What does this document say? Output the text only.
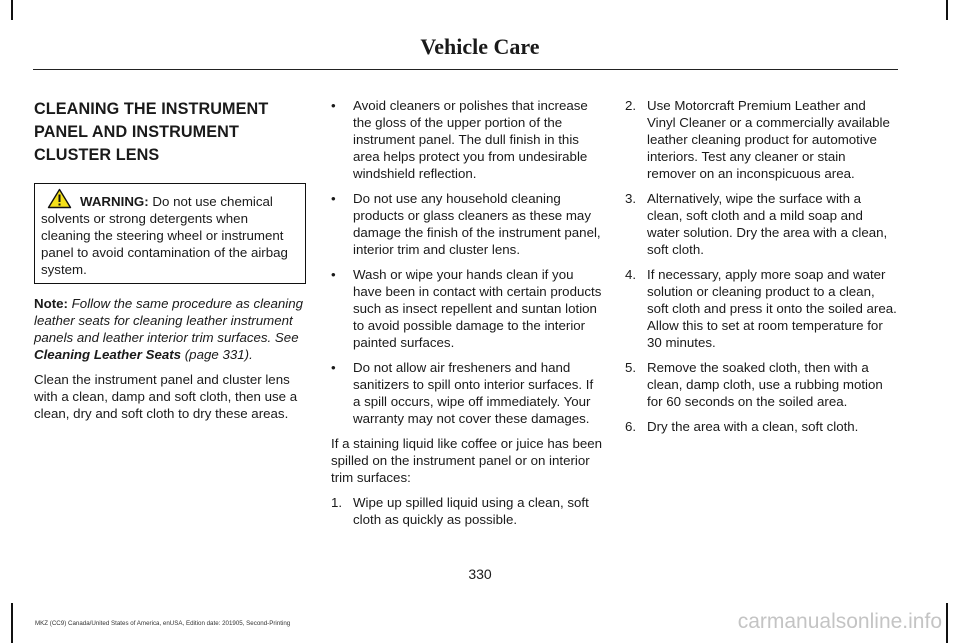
Vehicle Care
CLEANING THE INSTRUMENT
PANEL AND INSTRUMENT
CLUSTER LENS
WARNING: Do not use chemical solvents or strong detergents when cleaning the steering wheel or instrument panel to avoid contamination of the airbag system.

Note: Follow the same procedure as cleaning leather seats for cleaning leather instrument panels and leather interior trim surfaces. See Cleaning Leather Seats (page 331).

Clean the instrument panel and cluster lens with a clean, damp and soft cloth, then use a clean, dry and soft cloth to dry these areas.

• Avoid cleaners or polishes that increase the gloss of the upper portion of the instrument panel. The dull finish in this area helps protect you from undesirable windshield reflection.
• Do not use any household cleaning products or glass cleaners as these may damage the finish of the instrument panel, interior trim and cluster lens.
• Wash or wipe your hands clean if you have been in contact with certain products such as insect repellent and suntan lotion to avoid possible damage to the interior painted surfaces.
• Do not allow air fresheners and hand sanitizers to spill onto interior surfaces. If a spill occurs, wipe off immediately. Your warranty may not cover these damages.

If a staining liquid like coffee or juice has been spilled on the instrument panel or on interior trim surfaces:

1. Wipe up spilled liquid using a clean, soft cloth as quickly as possible.
2. Use Motorcraft Premium Leather and Vinyl Cleaner or a commercially available leather cleaning product for automotive interiors. Test any cleaner or stain remover on an inconspicuous area.
3. Alternatively, wipe the surface with a clean, soft cloth and a mild soap and water solution. Dry the area with a clean, soft cloth.
4. If necessary, apply more soap and water solution or cleaning product to a clean, soft cloth and press it onto the soiled area. Allow this to set at room temperature for 30 minutes.
5. Remove the soaked cloth, then with a clean, damp cloth, use a rubbing motion for 60 seconds on the soiled area.
6. Dry the area with a clean, soft cloth.
330
MKZ (CC9) Canada/United States of America, enUSA, Edition date: 201905, Second-Printing	carmanualsonline.info
